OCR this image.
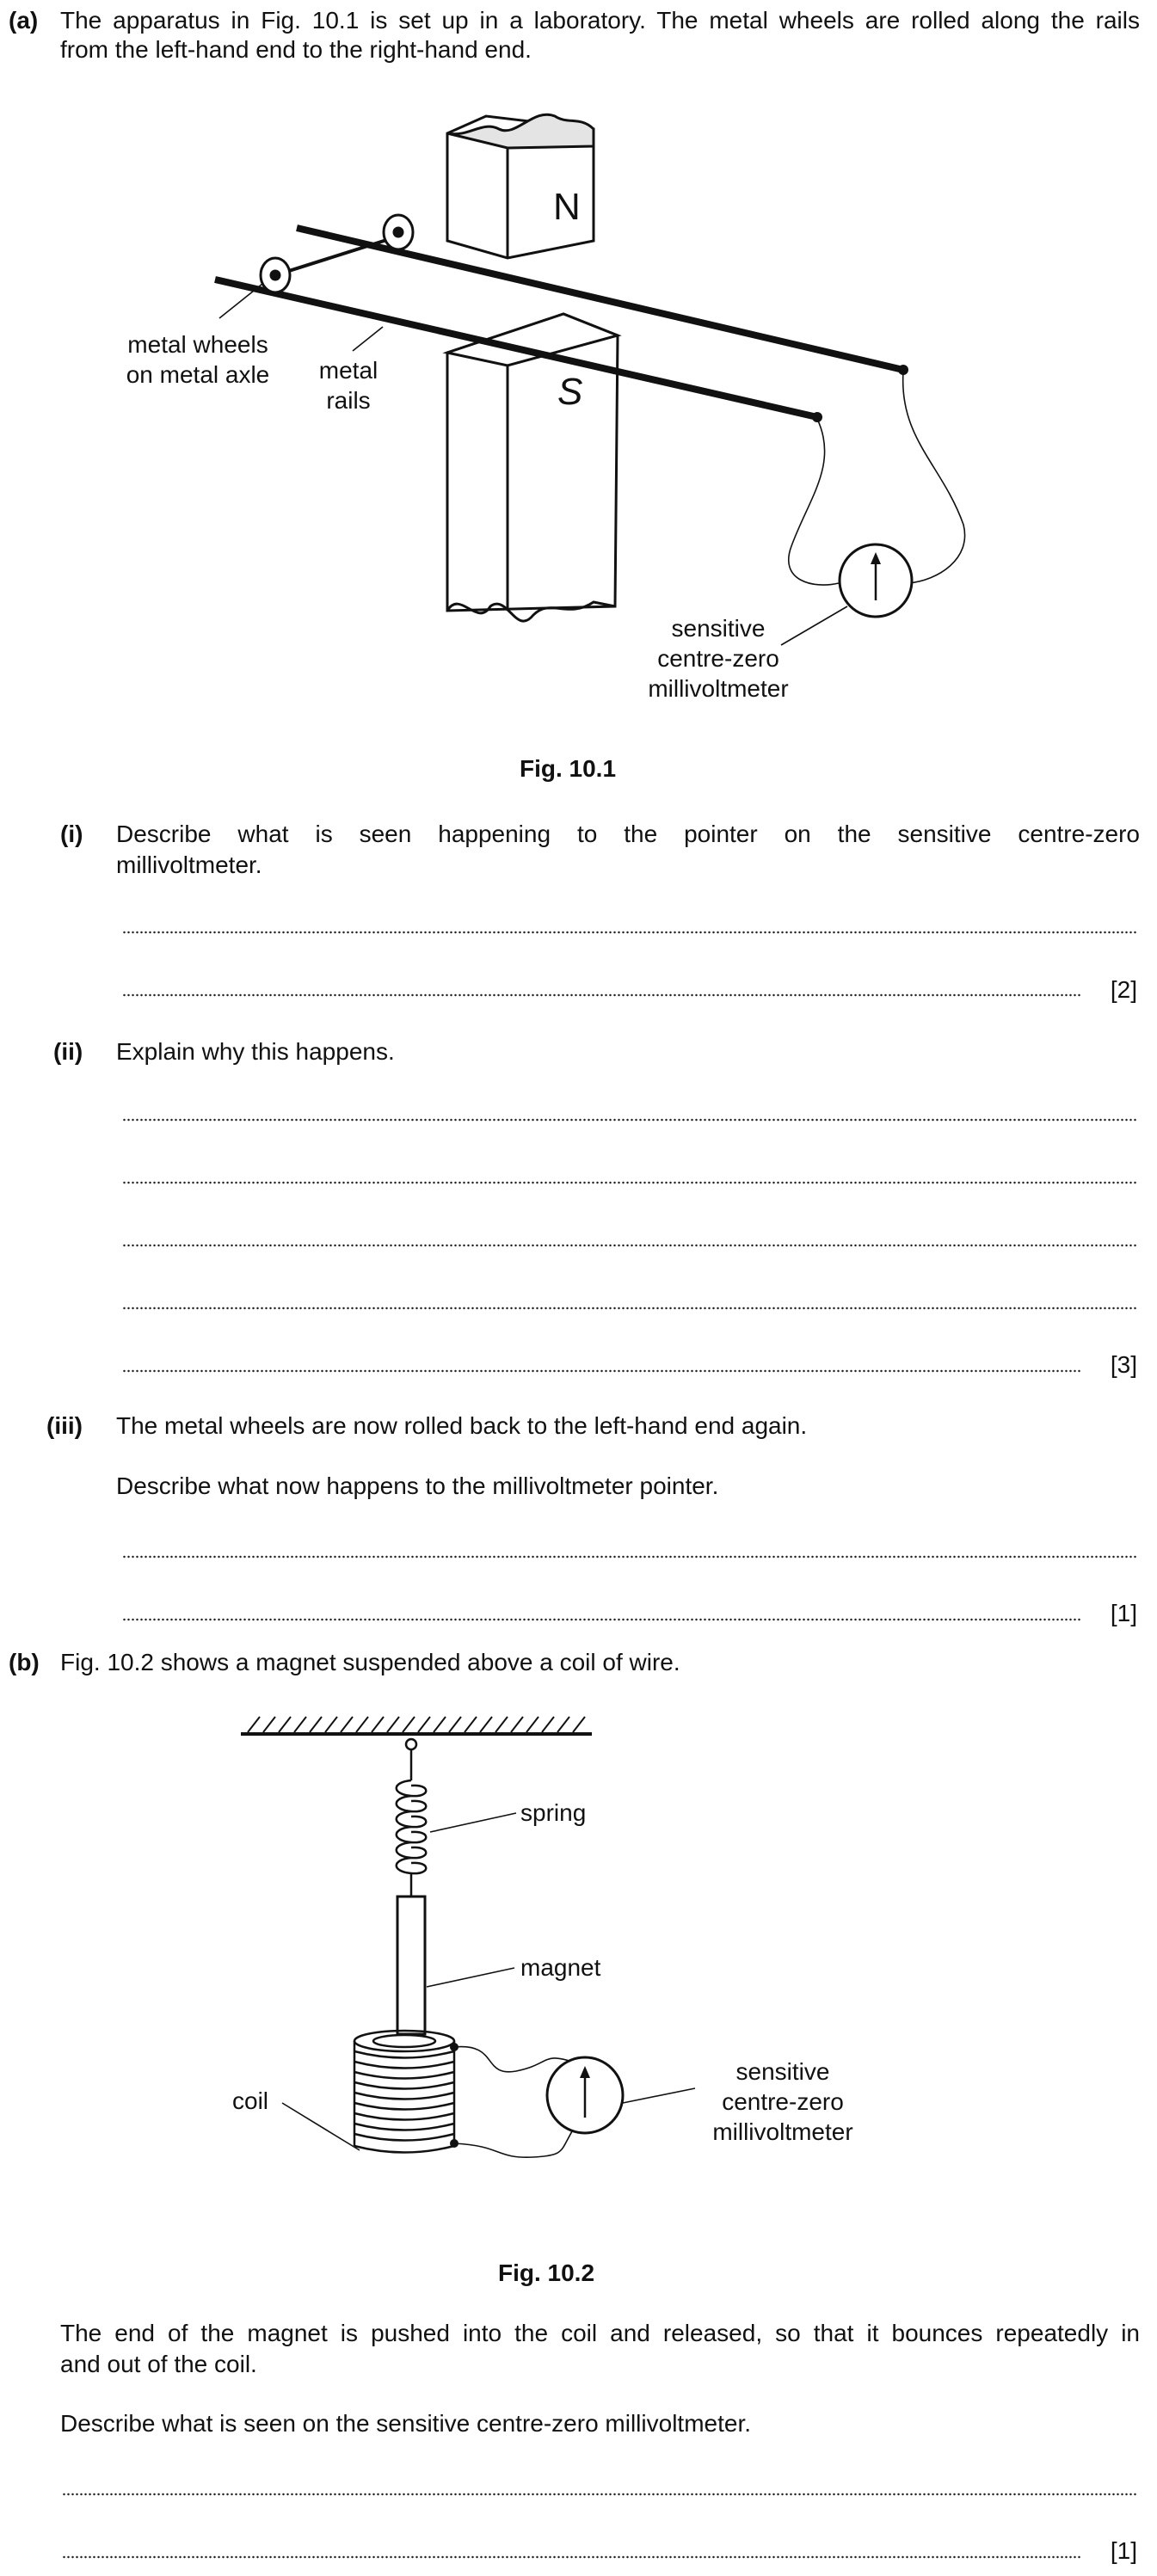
(a) The apparatus in Fig. 10.1 is set up in a laboratory. The metal wheels are rolled along the rails
from the left-hand end to the right-hand end.
N
S
metal wheels
on metal axle metal
rails
sensitive
centre-zero
millivoltmeter
Fig. 10.1
(i) Describe what is seen happening to the pointer on the sensitive centre-zero
millivoltmeter.
[2]
(ii) Explain why this happens.
[3]
(iii) The metal wheels are now rolled back to the left-hand end again.
Describe what now happens to the millivoltmeter pointer.
[1]
(b) Fig. 10.2 shows a magnet suspended above a coil of wire.
spring
magnet
coil
sensitive
centre-zero
millivoltmeter
Fig. 10.2
The end of the magnet is pushed into the coil and released, so that it bounces repeatedly in
and out of the coil.
Describe what is seen on the sensitive centre-zero millivoltmeter.
[1]
